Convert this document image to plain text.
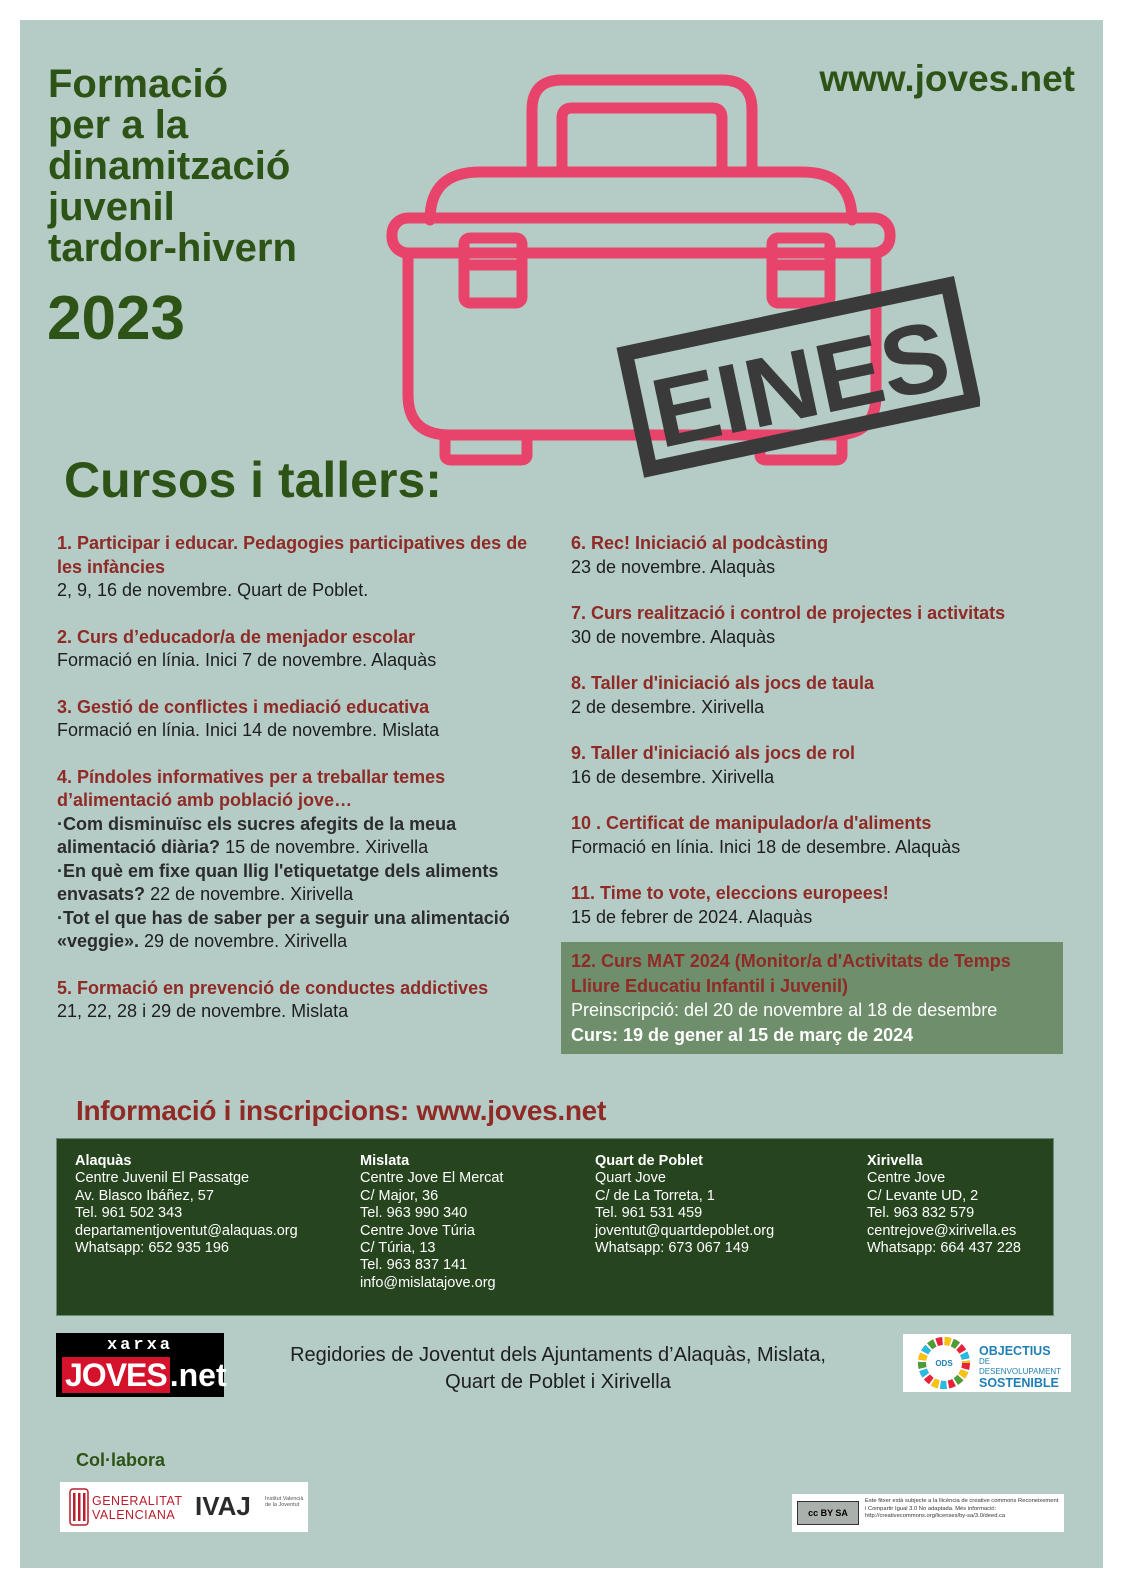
Formació
per a la
dinamització
juvenil
tardor-hivern
2023
www.joves.net
EINES
Cursos i tallers:
1. Participar i educar. Pedagogies participatives des de les infàncies
2, 9, 16 de novembre. Quart de Poblet.
2. Curs d’educador/a de menjador escolar
Formació en línia. Inici 7 de novembre. Alaquàs
3. Gestió de conflictes i mediació educativa
Formació en línia. Inici 14 de novembre. Mislata
4. Píndoles informatives per a treballar temes d’alimentació amb població jove…
·Com disminuïsc els sucres afegits de la meua alimentació diària? 15 de novembre. Xirivella
·En què em fixe quan llig l'etiquetatge dels aliments envasats? 22 de novembre. Xirivella
·Tot el que has de saber per a seguir una alimentació «veggie». 29 de novembre. Xirivella
5. Formació en prevenció de conductes addictives
21, 22, 28 i 29 de novembre. Mislata
6. Rec! Iniciació al podcàsting
23 de novembre. Alaquàs
7. Curs realització i control de projectes i activitats
30 de novembre. Alaquàs
8. Taller d'iniciació als jocs de taula
2 de desembre. Xirivella
9. Taller d'iniciació als jocs de rol
16 de desembre. Xirivella
10 . Certificat de manipulador/a d'aliments
Formació en línia. Inici 18 de desembre. Alaquàs
11. Time to vote, eleccions europees!
15 de febrer de 2024. Alaquàs
12. Curs MAT 2024 (Monitor/a d'Activitats de Temps Lliure Educatiu Infantil i Juvenil)
Preinscripció: del 20 de novembre al 18 de desembre
Curs: 19 de gener al 15 de març de 2024
Informació i inscripcions: www.joves.net
Alaquàs
Centre Juvenil El Passatge
Av. Blasco Ibáñez, 57
Tel. 961 502 343
departamentjoventut@alaquas.org
Whatsapp: 652 935 196
Mislata
Centre Jove El Mercat
C/ Major, 36
Tel. 963 990 340
Centre Jove Túria
C/ Túria, 13
Tel. 963 837 141
info@mislatajove.org
Quart de Poblet
Quart Jove
C/ de La Torreta, 1
Tel. 961 531 459
joventut@quartdepoblet.org
Whatsapp: 673 067 149
Xirivella
Centre Jove
C/ Levante UD, 2
Tel. 963 832 579
centrejove@xirivella.es
Whatsapp: 664 437 228
xarxa
JOVES.net
Regidories de Joventut dels Ajuntaments d’Alaquàs, Mislata,
Quart de Poblet i Xirivella
ODS
OBJECTIUS
DE DESENVOLUPAMENT
SOSTENIBLE
Col·labora
GENERALITAT
VALENCIANA IVAJ	Institut Valencià de la Joventut
cc BY SA
Este fitxer està subjecte a la llicència de creative commons Reconeixement i Compartir Igual 3.0 No adaptada. Més informació: http://creativecommons.org/licenses/by-sa/3.0/deed.ca
